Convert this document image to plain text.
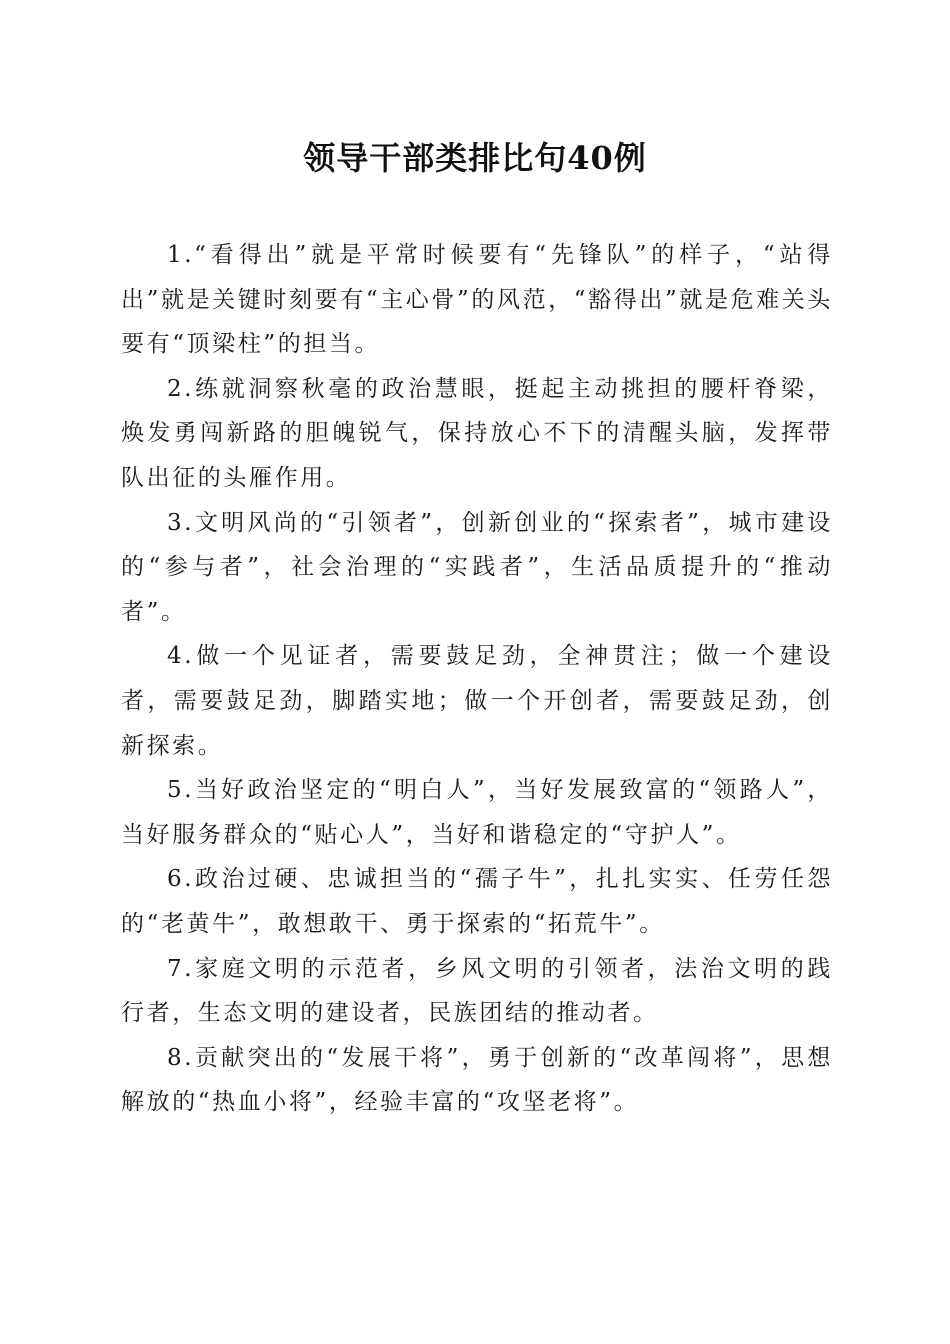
领导干部类排比句40例

1.“看得出”就是平常时候要有“先锋队”的样子，“站得出”就是关键时刻要有“主心骨”的风范，“豁得出”就是危难关头要有“顶梁柱”的担当。

2.练就洞察秋毫的政治慧眼，挺起主动挑担的腰杆脊梁，焕发勇闯新路的胆魄锐气，保持放心不下的清醒头脑，发挥带队出征的头雁作用。

3.文明风尚的“引领者”，创新创业的“探索者”，城市建设的“参与者”，社会治理的“实践者”，生活品质提升的“推动者”。

4.做一个见证者，需要鼓足劲，全神贯注；做一个建设者，需要鼓足劲，脚踏实地；做一个开创者，需要鼓足劲，创新探索。

5.当好政治坚定的“明白人”，当好发展致富的“领路人”，当好服务群众的“贴心人”，当好和谐稳定的“守护人”。

6.政治过硬、忠诚担当的“孺子牛”，扎扎实实、任劳任怨的“老黄牛”，敢想敢干、勇于探索的“拓荒牛”。

7.家庭文明的示范者，乡风文明的引领者，法治文明的践行者，生态文明的建设者，民族团结的推动者。

8.贡献突出的“发展干将”，勇于创新的“改革闯将”，思想解放的“热血小将”，经验丰富的“攻坚老将”。
